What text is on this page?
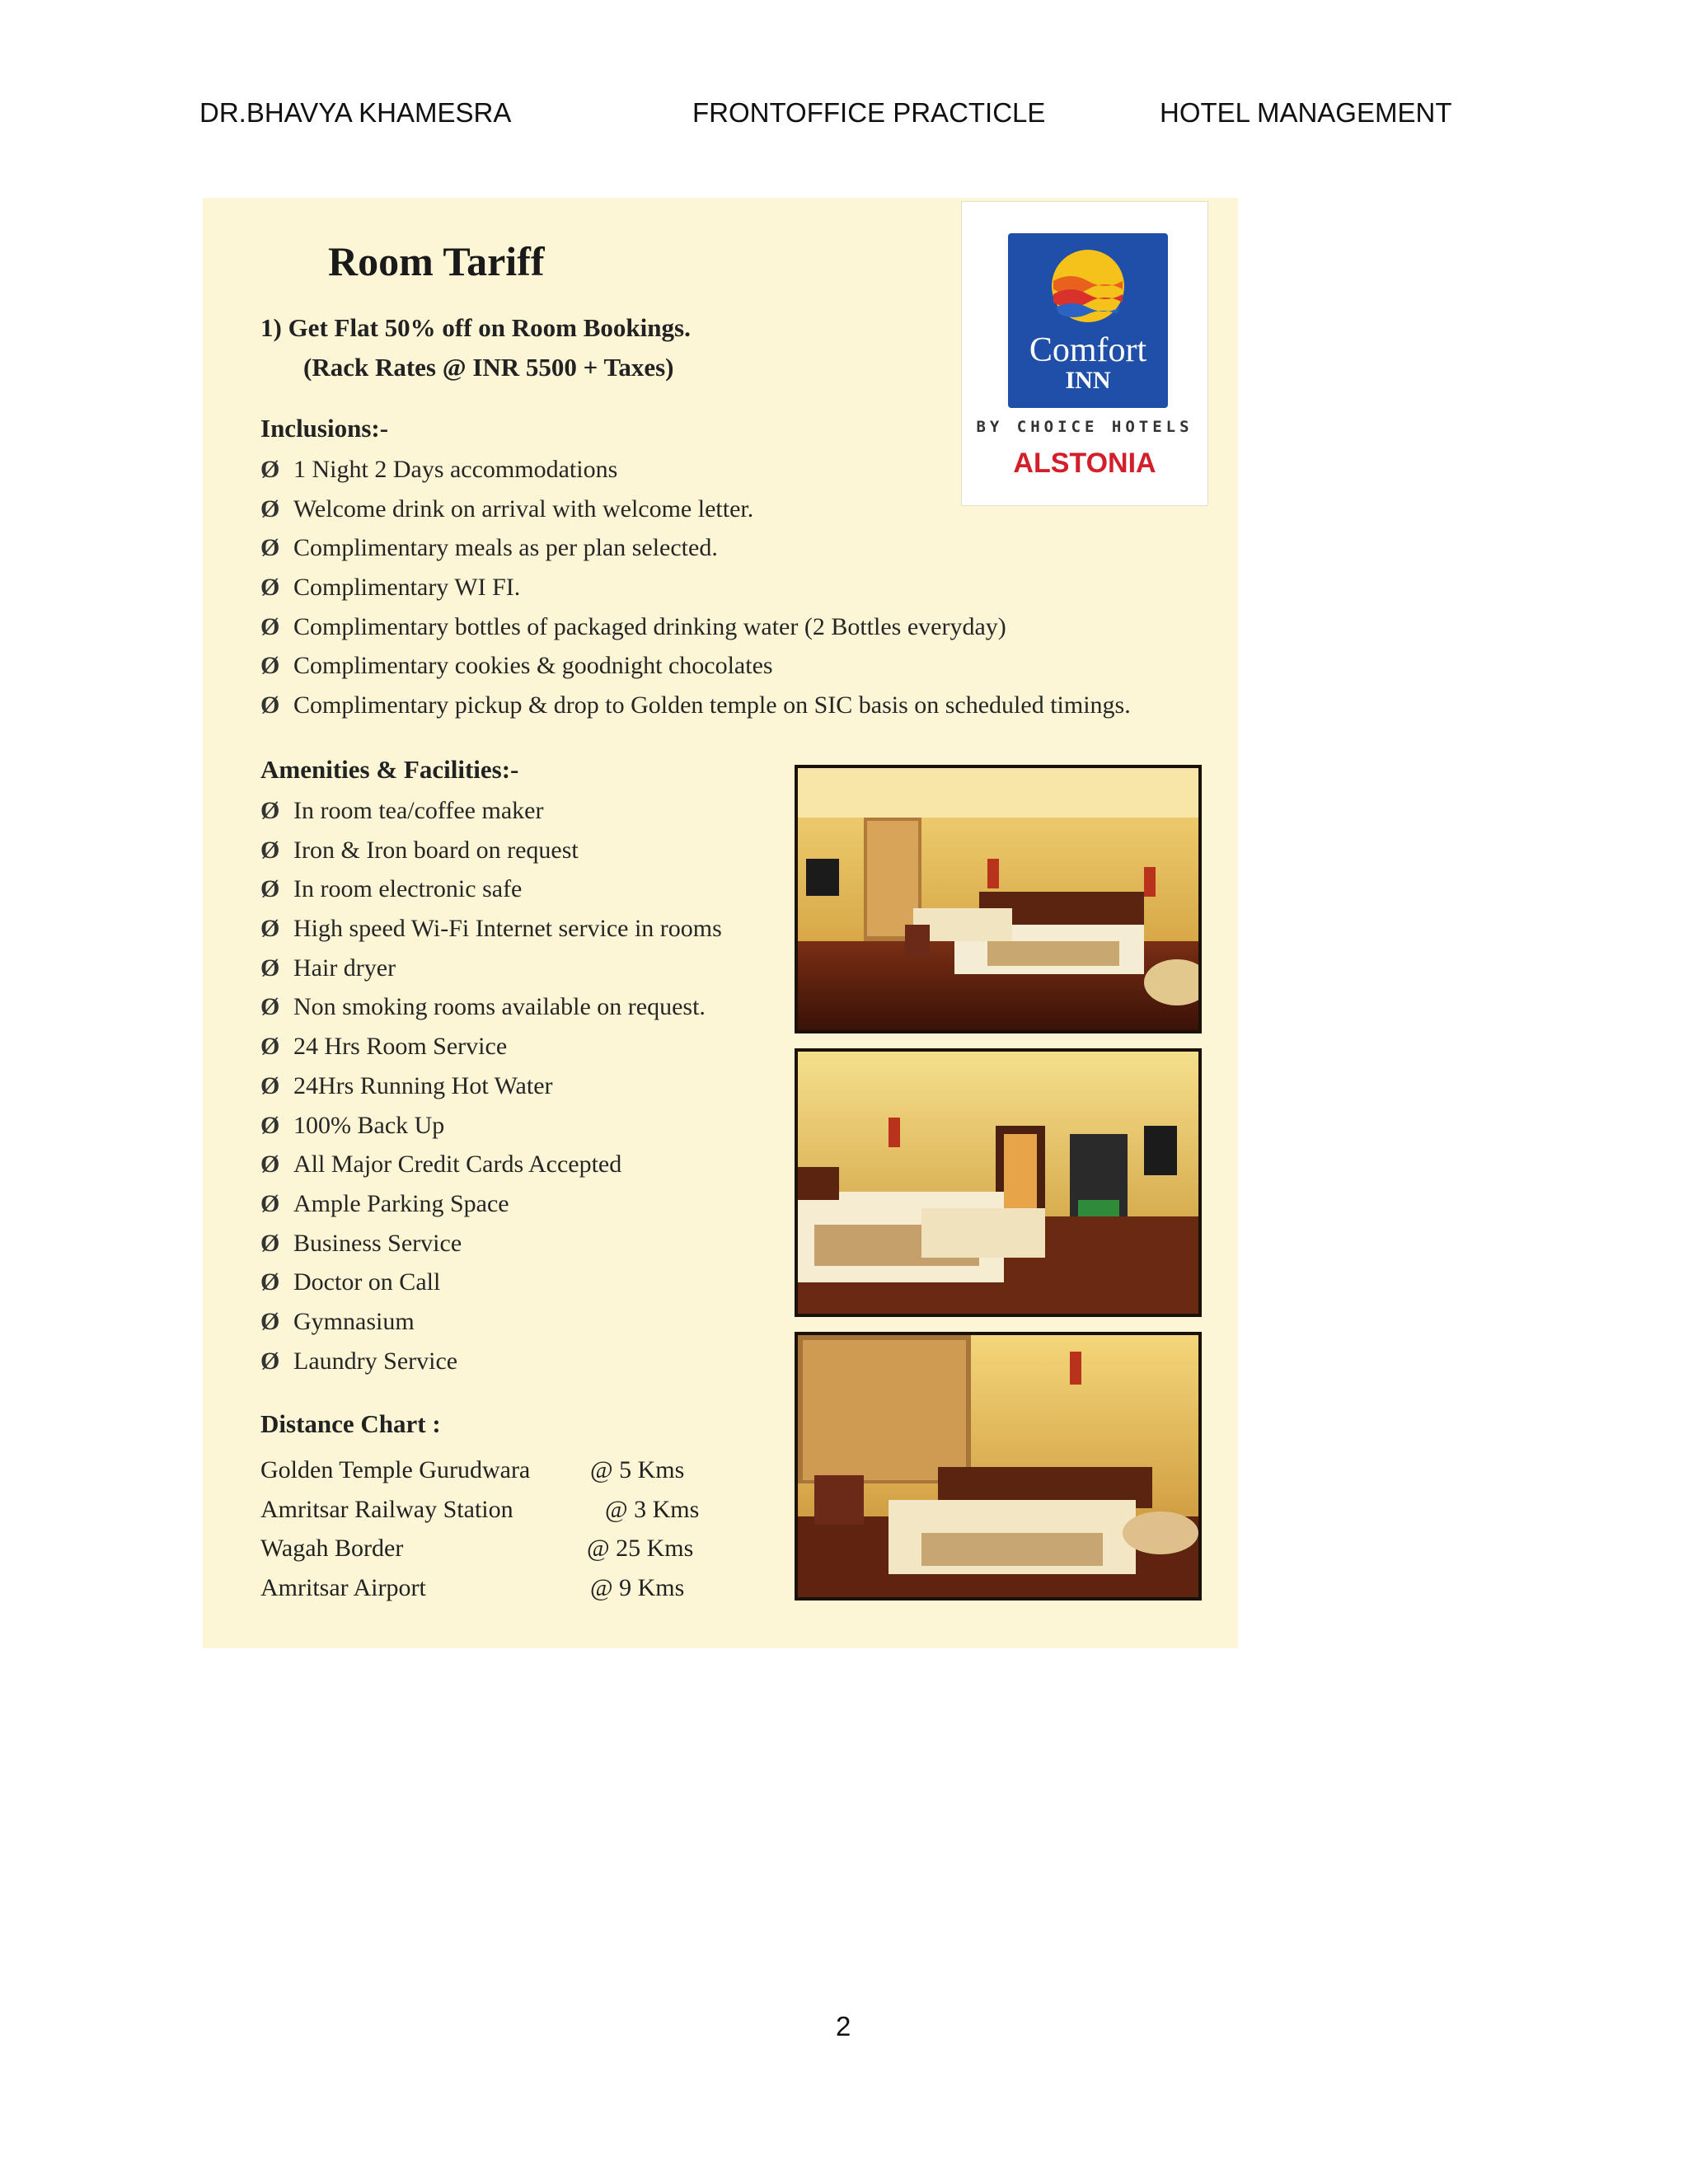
DR.BHAVYA KHAMESRA	FRONTOFFICE PRACTICLE	HOTEL MANAGEMENT
Room Tariff
1) Get Flat 50% off on Room Bookings.
(Rack Rates @ INR 5500 + Taxes)
Inclusions:-
Ø 1 Night 2 Days accommodations
Ø Welcome drink on arrival with welcome letter.
Ø Complimentary meals as per plan selected.
Ø Complimentary WI FI.
Ø Complimentary bottles of packaged drinking water (2 Bottles everyday)
Ø Complimentary cookies & goodnight chocolates
Ø Complimentary pickup & drop to Golden temple on SIC basis on scheduled timings.
Amenities & Facilities:-
Ø In room tea/coffee maker
Ø Iron & Iron board on request
Ø In room electronic safe
Ø High speed Wi-Fi Internet service in rooms
Ø Hair dryer
Ø Non smoking rooms available on request.
Ø 24 Hrs Room Service
Ø 24Hrs Running Hot Water
Ø 100% Back Up
Ø All Major Credit Cards Accepted
Ø Ample Parking Space
Ø Business Service
Ø Doctor on Call
Ø Gymnasium
Ø Laundry Service
Distance Chart :
Golden Temple Gurudwara @ 5 Kms
Amritsar Railway Station	@ 3 Kms
Wagah Border	@ 25 Kms
Amritsar Airport	@ 9 Kms
Comfort
INN
BY CHOICE HOTELS
ALSTONIA
2
